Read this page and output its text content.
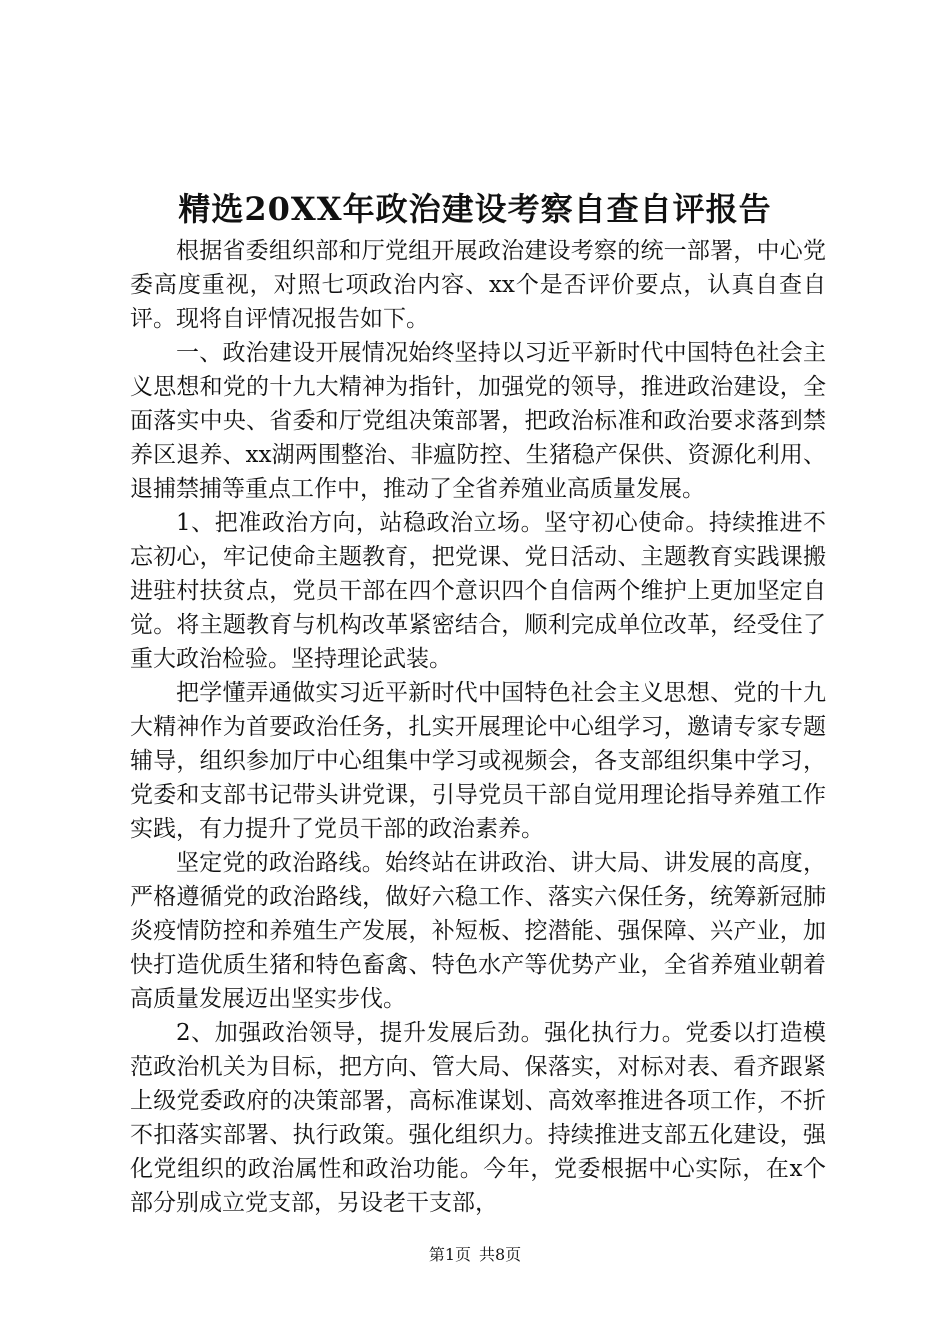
精选20XX年政治建设考察自查自评报告

根据省委组织部和厅党组开展政治建设考察的统一部署，中心党委高度重视，对照七项政治内容、xx个是否评价要点，认真自查自评。现将自评情况报告如下。

一、政治建设开展情况始终坚持以习近平新时代中国特色社会主义思想和党的十九大精神为指针，加强党的领导，推进政治建设，全面落实中央、省委和厅党组决策部署，把政治标准和政治要求落到禁养区退养、xx湖两围整治、非瘟防控、生猪稳产保供、资源化利用、退捕禁捕等重点工作中，推动了全省养殖业高质量发展。

1、把准政治方向，站稳政治立场。坚守初心使命。持续推进不忘初心，牢记使命主题教育，把党课、党日活动、主题教育实践课搬进驻村扶贫点，党员干部在四个意识四个自信两个维护上更加坚定自觉。将主题教育与机构改革紧密结合，顺利完成单位改革，经受住了重大政治检验。坚持理论武装。

把学懂弄通做实习近平新时代中国特色社会主义思想、党的十九大精神作为首要政治任务，扎实开展理论中心组学习，邀请专家专题辅导，组织参加厅中心组集中学习或视频会，各支部组织集中学习，党委和支部书记带头讲党课，引导党员干部自觉用理论指导养殖工作实践，有力提升了党员干部的政治素养。

坚定党的政治路线。始终站在讲政治、讲大局、讲发展的高度，严格遵循党的政治路线，做好六稳工作、落实六保任务，统筹新冠肺炎疫情防控和养殖生产发展，补短板、挖潜能、强保障、兴产业，加快打造优质生猪和特色畜禽、特色水产等优势产业，全省养殖业朝着高质量发展迈出坚实步伐。

2、加强政治领导，提升发展后劲。强化执行力。党委以打造模范政治机关为目标，把方向、管大局、保落实，对标对表、看齐跟紧上级党委政府的决策部署，高标准谋划、高效率推进各项工作，不折不扣落实部署、执行政策。强化组织力。持续推进支部五化建设，强化党组织的政治属性和政治功能。今年，党委根据中心实际，在x个部分别成立党支部，另设老干支部，

第1页 共8页
